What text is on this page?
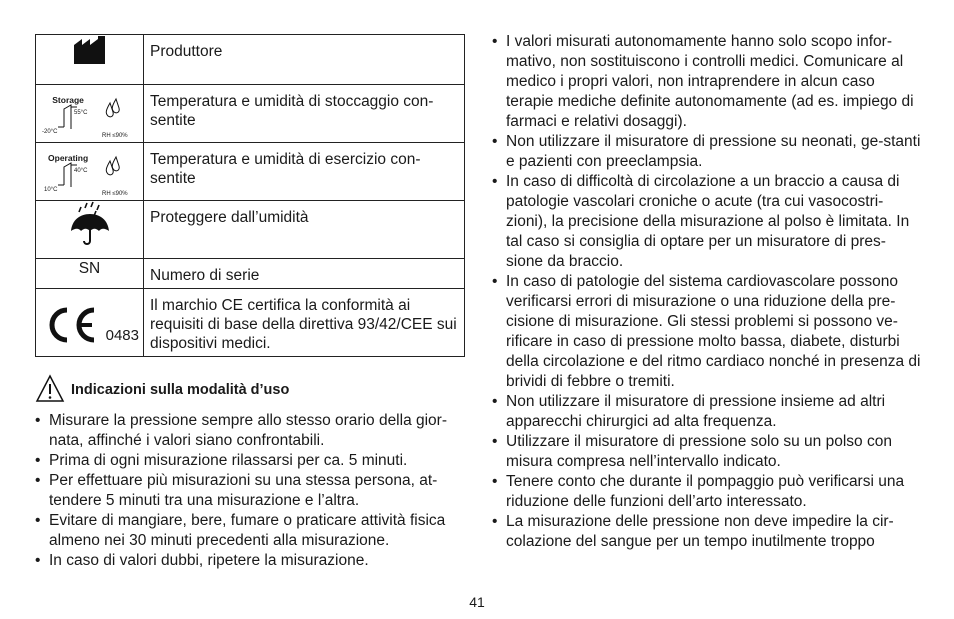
	Produttore

Storage
55°C
-20°C
RH ≤90%	Temperatura e umidità di stoccaggio con-sentite

Operating
40°C
10°C
RH ≤90%	Temperatura e umidità di esercizio con-sentite

	Proteggere dall’umidità
SN	Numero di serie

0483	Il marchio CE certifica la conformità ai requisiti di base della direttiva 93/42/CEE sui dispositivi medici.
Indicazioni sulla modalità d’uso
• Misurare la pressione sempre allo stesso orario della gior-nata, affinché i valori siano confrontabili.
• Prima di ogni misurazione rilassarsi per ca. 5 minuti.
• Per effettuare più misurazioni su una stessa persona, at-tendere 5 minuti tra una misurazione e l’altra.
• Evitare di mangiare, bere, fumare o praticare attività fisica almeno nei 30 minuti precedenti alla misurazione.
• In caso di valori dubbi, ripetere la misurazione.
• I valori misurati autonomamente hanno solo scopo infor-mativo, non sostituiscono i controlli medici. Comunicare al medico i propri valori, non intraprendere in alcun caso terapie mediche definite autonomamente (ad es. impiego di farmaci e relativi dosaggi).
• Non utilizzare il misuratore di pressione su neonati, ge-stanti e pazienti con preeclampsia.
• In caso di difficoltà di circolazione a un braccio a causa di patologie vascolari croniche o acute (tra cui vasocostri-zioni), la precisione della misurazione al polso è limitata. In tal caso si consiglia di optare per un misuratore di pres-sione da braccio.
• In caso di patologie del sistema cardiovascolare possono verificarsi errori di misurazione o una riduzione della pre-cisione di misurazione. Gli stessi problemi si possono ve-rificare in caso di pressione molto bassa, diabete, disturbi della circolazione e del ritmo cardiaco nonché in presenza di brividi di febbre o tremiti.
• Non utilizzare il misuratore di pressione insieme ad altri apparecchi chirurgici ad alta frequenza.
• Utilizzare il misuratore di pressione solo su un polso con misura compresa nell’intervallo indicato.
• Tenere conto che durante il pompaggio può verificarsi una riduzione delle funzioni dell’arto interessato.
• La misurazione delle pressione non deve impedire la cir-colazione del sangue per un tempo inutilmente troppo
41
